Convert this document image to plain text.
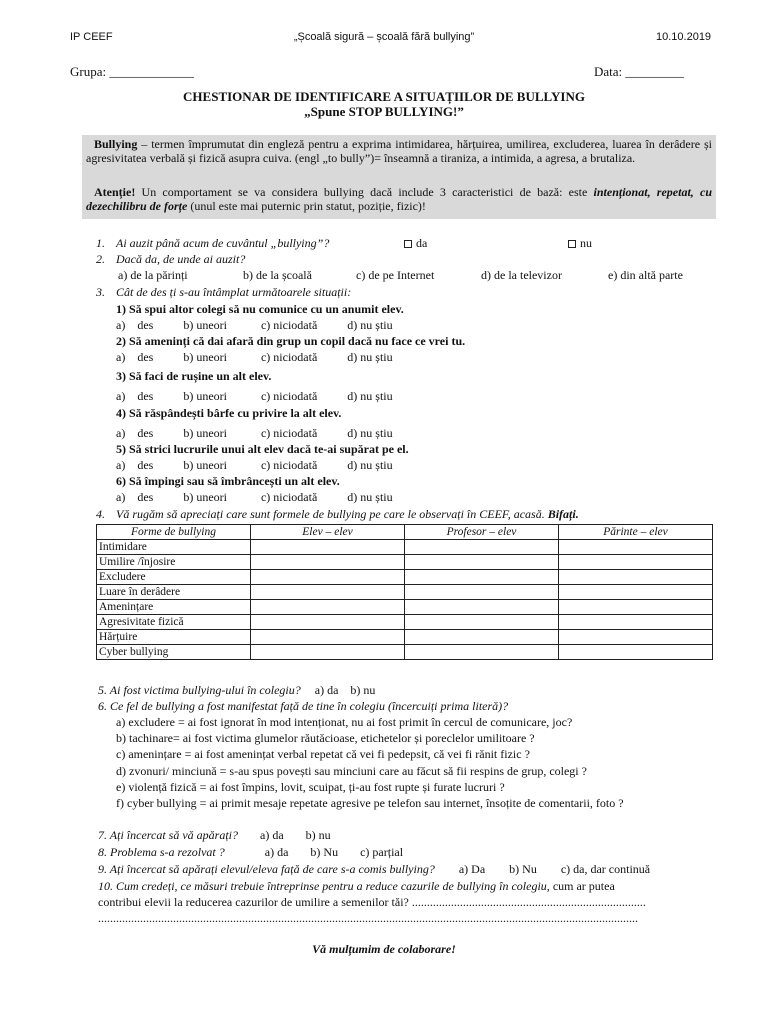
IP CEEF	„Școală sigură – școală fără bullying”	10.10.2019
Grupa: _____________	Data: _________
CHESTIONAR DE IDENTIFICARE A SITUAȚIILOR DE BULLYING
„Spune STOP BULLYING!”
Bullying – termen împrumutat din engleză pentru a exprima intimidarea, hărțuirea, umilirea, excluderea, luarea în derâdere și agresivitatea verbală și fizică asupra cuiva. (engl „to bully”)= înseamnă a tiraniza, a intimida, a agresa, a brutaliza.
Atenție! Un comportament se va considera bullying dacă include 3 caracteristici de bază: este intenționat, repetat, cu dezechilibru de forțe (unul este mai puternic prin statut, poziție, fizic)!
1. Ai auzit până acum de cuvântul „bullying”?	da	nu
2. Dacă da, de unde ai auzit?
a) de la părinți	b) de la școală	c) de pe Internet	d) de la televizor	e) din altă parte
3. Cât de des ți s-au întâmplat următoarele situații:
1) Să spui altor colegi să nu comunice cu un anumit elev.
a) des	b) uneori	c) niciodată	d) nu știu
2) Să ameninți că dai afară din grup un copil dacă nu face ce vrei tu.
a) des	b) uneori	c) niciodată	d) nu știu
3) Să faci de rușine un alt elev.
a) des	b) uneori	c) niciodată	d) nu știu
4) Să răspândești bârfe cu privire la alt elev.
a) des	b) uneori	c) niciodată	d) nu știu
5) Să strici lucrurile unui alt elev dacă te-ai supărat pe el.
a) des	b) uneori	c) niciodată	d) nu știu
6) Să împingi sau să îmbrâncești un alt elev.
a) des	b) uneori	c) niciodată	d) nu știu
4. Vă rugăm să apreciați care sunt formele de bullying pe care le observați în CEEF, acasă. Bifați.
Forme de bullying	Elev – elev	Profesor – elev	Părinte – elev
Intimidare			
Umilire /înjosire			
Excludere			
Luare în derâdere			
Amenințare			
Agresivitate fizică			
Hărțuire			
Cyber bullying			
5. Ai fost victima bullying-ului în colegiu? a) da b) nu
6. Ce fel de bullying a fost manifestat față de tine în colegiu (încercuiți prima literă)?
a) excludere = ai fost ignorat în mod intenționat, nu ai fost primit în cercul de comunicare, joc?
b) tachinare= ai fost victima glumelor răutăcioase, etichetelor și poreclelor umilitoare ?
c) amenințare = ai fost amenințat verbal repetat că vei fi pedepsit, că vei fi rănit fizic ?
d) zvonuri/ minciună = s-au spus povești sau minciuni care au făcut să fii respins de grup, colegi ?
e) violență fizică = ai fost împins, lovit, scuipat, ți-au fost rupte și furate lucruri ?
f) cyber bullying = ai primit mesaje repetate agresive pe telefon sau internet, însoțite de comentarii, foto ?
7. Ați încercat să vă apărați? a) da b) nu
8. Problema s-a rezolvat ?	a) da b) Nu c) parțial
9. Ați încercat să apărați elevul/eleva față de care s-a comis bullying? a) Da b) Nu c) da, dar continuă
10. Cum credeți, ce măsuri trebuie întreprinse pentru a reduce cazurile de bullying în colegiu, cum ar putea
contribui elevii la reducerea cazurilor de umilire a semenilor tăi? ..............................................................................
....................................................................................................................................................................................
Vă mulțumim de colaborare!
